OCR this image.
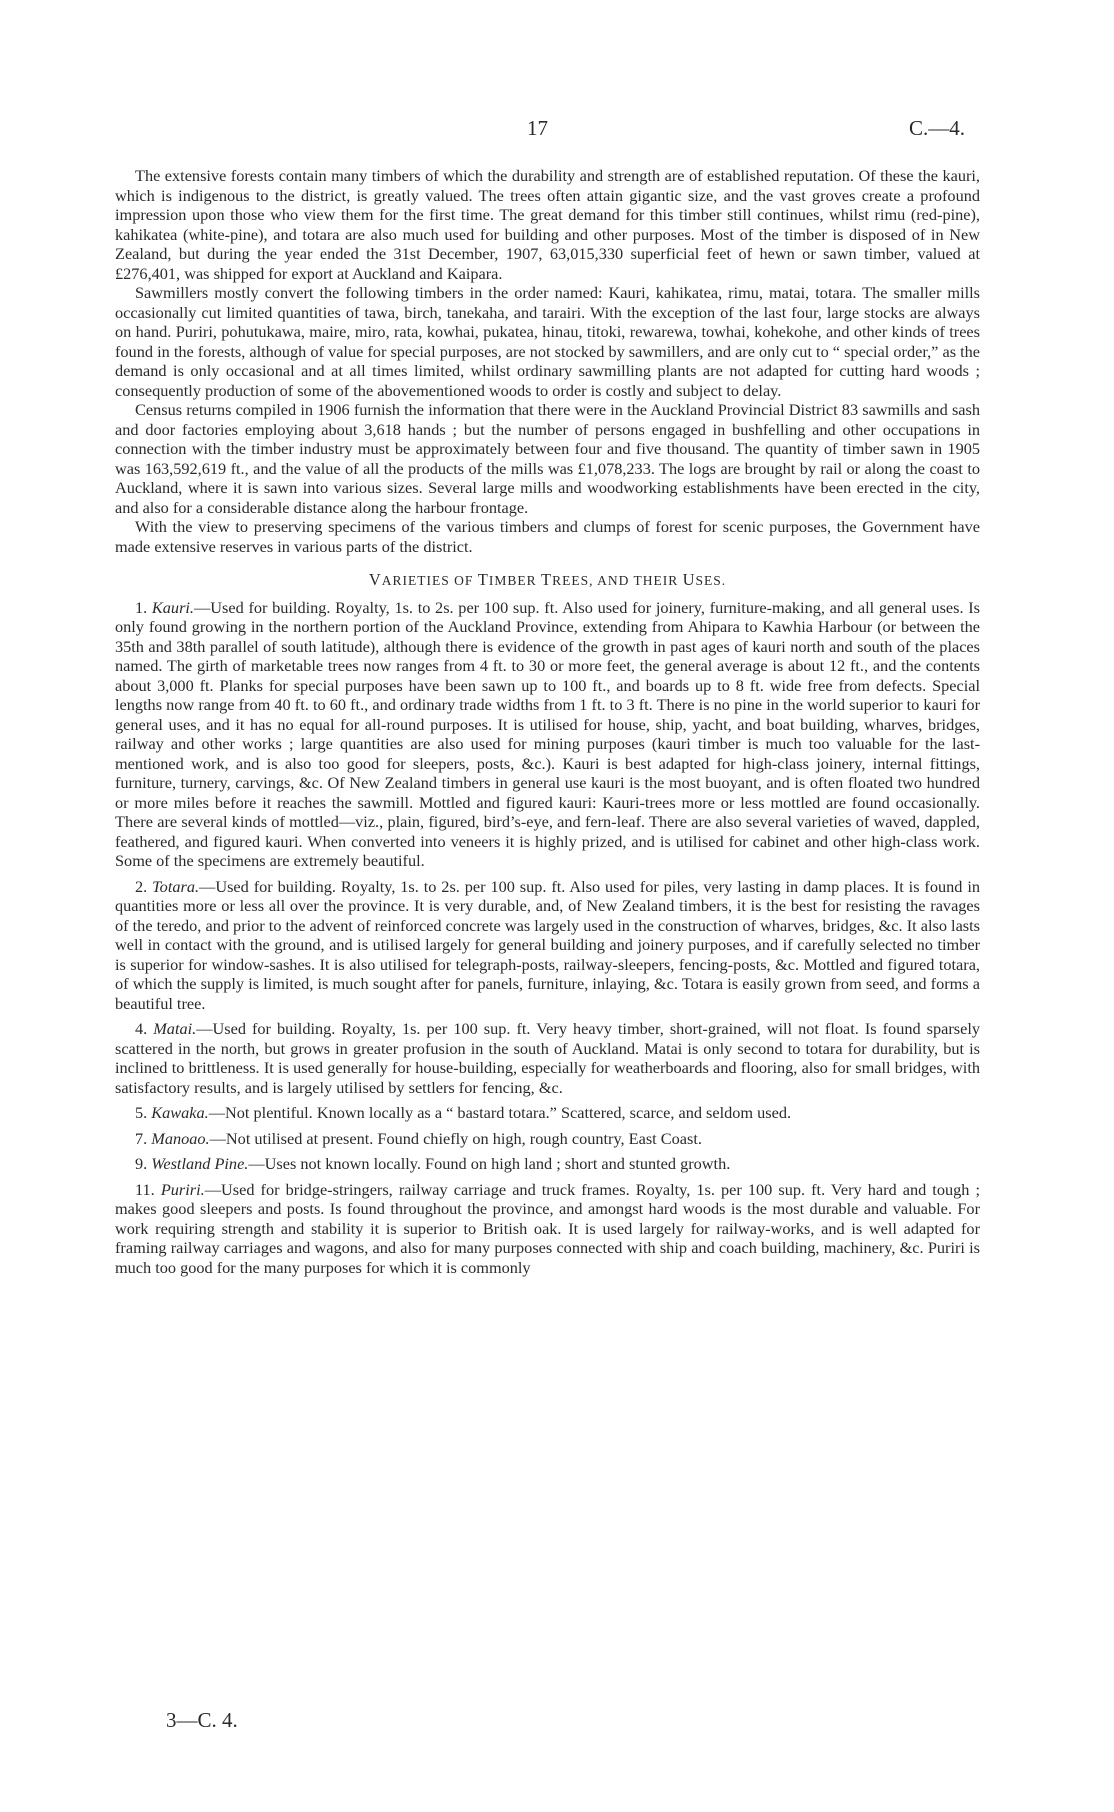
17	C.—4.

The extensive forests contain many timbers of which the durability and strength are of established reputation. Of these the kauri, which is indigenous to the district, is greatly valued. The trees often attain gigantic size, and the vast groves create a profound impression upon those who view them for the first time. The great demand for this timber still continues, whilst rimu (red-pine), kahikatea (white-pine), and totara are also much used for building and other purposes. Most of the timber is disposed of in New Zealand, but during the year ended the 31st December, 1907, 63,015,330 superficial feet of hewn or sawn timber, valued at £276,401, was shipped for export at Auckland and Kaipara.

Sawmillers mostly convert the following timbers in the order named: Kauri, kahikatea, rimu, matai, totara. The smaller mills occasionally cut limited quantities of tawa, birch, tanekaha, and tarairi. With the exception of the last four, large stocks are always on hand. Puriri, pohutukawa, maire, miro, rata, kowhai, pukatea, hinau, titoki, rewarewa, towhai, kohekohe, and other kinds of trees found in the forests, although of value for special purposes, are not stocked by sawmillers, and are only cut to “ special order,” as the demand is only occasional and at all times limited, whilst ordinary sawmilling plants are not adapted for cutting hard woods ; consequently production of some of the abovementioned woods to order is costly and subject to delay.

Census returns compiled in 1906 furnish the information that there were in the Auckland Provincial District 83 sawmills and sash and door factories employing about 3,618 hands ; but the number of persons engaged in bushfelling and other occupations in connection with the timber industry must be approximately between four and five thousand. The quantity of timber sawn in 1905 was 163,592,619 ft., and the value of all the products of the mills was £1,078,233. The logs are brought by rail or along the coast to Auckland, where it is sawn into various sizes. Several large mills and woodworking establishments have been erected in the city, and also for a considerable distance along the harbour frontage.

With the view to preserving specimens of the various timbers and clumps of forest for scenic purposes, the Government have made extensive reserves in various parts of the district.

VARIETIES OF TIMBER TREES, AND THEIR USES.

1. Kauri.—Used for building. Royalty, 1s. to 2s. per 100 sup. ft. Also used for joinery, furniture-making, and all general uses. Is only found growing in the northern portion of the Auckland Province, extending from Ahipara to Kawhia Harbour (or between the 35th and 38th parallel of south latitude), although there is evidence of the growth in past ages of kauri north and south of the places named. The girth of marketable trees now ranges from 4 ft. to 30 or more feet, the general average is about 12 ft., and the contents about 3,000 ft. Planks for special purposes have been sawn up to 100 ft., and boards up to 8 ft. wide free from defects. Special lengths now range from 40 ft. to 60 ft., and ordinary trade widths from 1 ft. to 3 ft. There is no pine in the world superior to kauri for general uses, and it has no equal for all-round purposes. It is utilised for house, ship, yacht, and boat building, wharves, bridges, railway and other works ; large quantities are also used for mining purposes (kauri timber is much too valuable for the last-mentioned work, and is also too good for sleepers, posts, &c.). Kauri is best adapted for high-class joinery, internal fittings, furniture, turnery, carvings, &c. Of New Zealand timbers in general use kauri is the most buoyant, and is often floated two hundred or more miles before it reaches the sawmill. Mottled and figured kauri: Kauri-trees more or less mottled are found occasionally. There are several kinds of mottled—viz., plain, figured, bird’s-eye, and fern-leaf. There are also several varieties of waved, dappled, feathered, and figured kauri. When converted into veneers it is highly prized, and is utilised for cabinet and other high-class work. Some of the specimens are extremely beautiful.

2. Totara.—Used for building. Royalty, 1s. to 2s. per 100 sup. ft. Also used for piles, very lasting in damp places. It is found in quantities more or less all over the province. It is very durable, and, of New Zealand timbers, it is the best for resisting the ravages of the teredo, and prior to the advent of reinforced concrete was largely used in the construction of wharves, bridges, &c. It also lasts well in contact with the ground, and is utilised largely for general building and joinery purposes, and if carefully selected no timber is superior for window-sashes. It is also utilised for telegraph-posts, railway-sleepers, fencing-posts, &c. Mottled and figured totara, of which the supply is limited, is much sought after for panels, furniture, inlaying, &c. Totara is easily grown from seed, and forms a beautiful tree.

4. Matai.—Used for building. Royalty, 1s. per 100 sup. ft. Very heavy timber, short-grained, will not float. Is found sparsely scattered in the north, but grows in greater profusion in the south of Auckland. Matai is only second to totara for durability, but is inclined to brittleness. It is used generally for house-building, especially for weatherboards and flooring, also for small bridges, with satisfactory results, and is largely utilised by settlers for fencing, &c.

5. Kawaka.—Not plentiful. Known locally as a “ bastard totara.” Scattered, scarce, and seldom used.

7. Manoao.—Not utilised at present. Found chiefly on high, rough country, East Coast.

9. Westland Pine.—Uses not known locally. Found on high land ; short and stunted growth.

11. Puriri.—Used for bridge-stringers, railway carriage and truck frames. Royalty, 1s. per 100 sup. ft. Very hard and tough ; makes good sleepers and posts. Is found throughout the province, and amongst hard woods is the most durable and valuable. For work requiring strength and stability it is superior to British oak. It is used largely for railway-works, and is well adapted for framing railway carriages and wagons, and also for many purposes connected with ship and coach building, machinery, &c. Puriri is much too good for the many purposes for which it is commonly

3—C. 4.
